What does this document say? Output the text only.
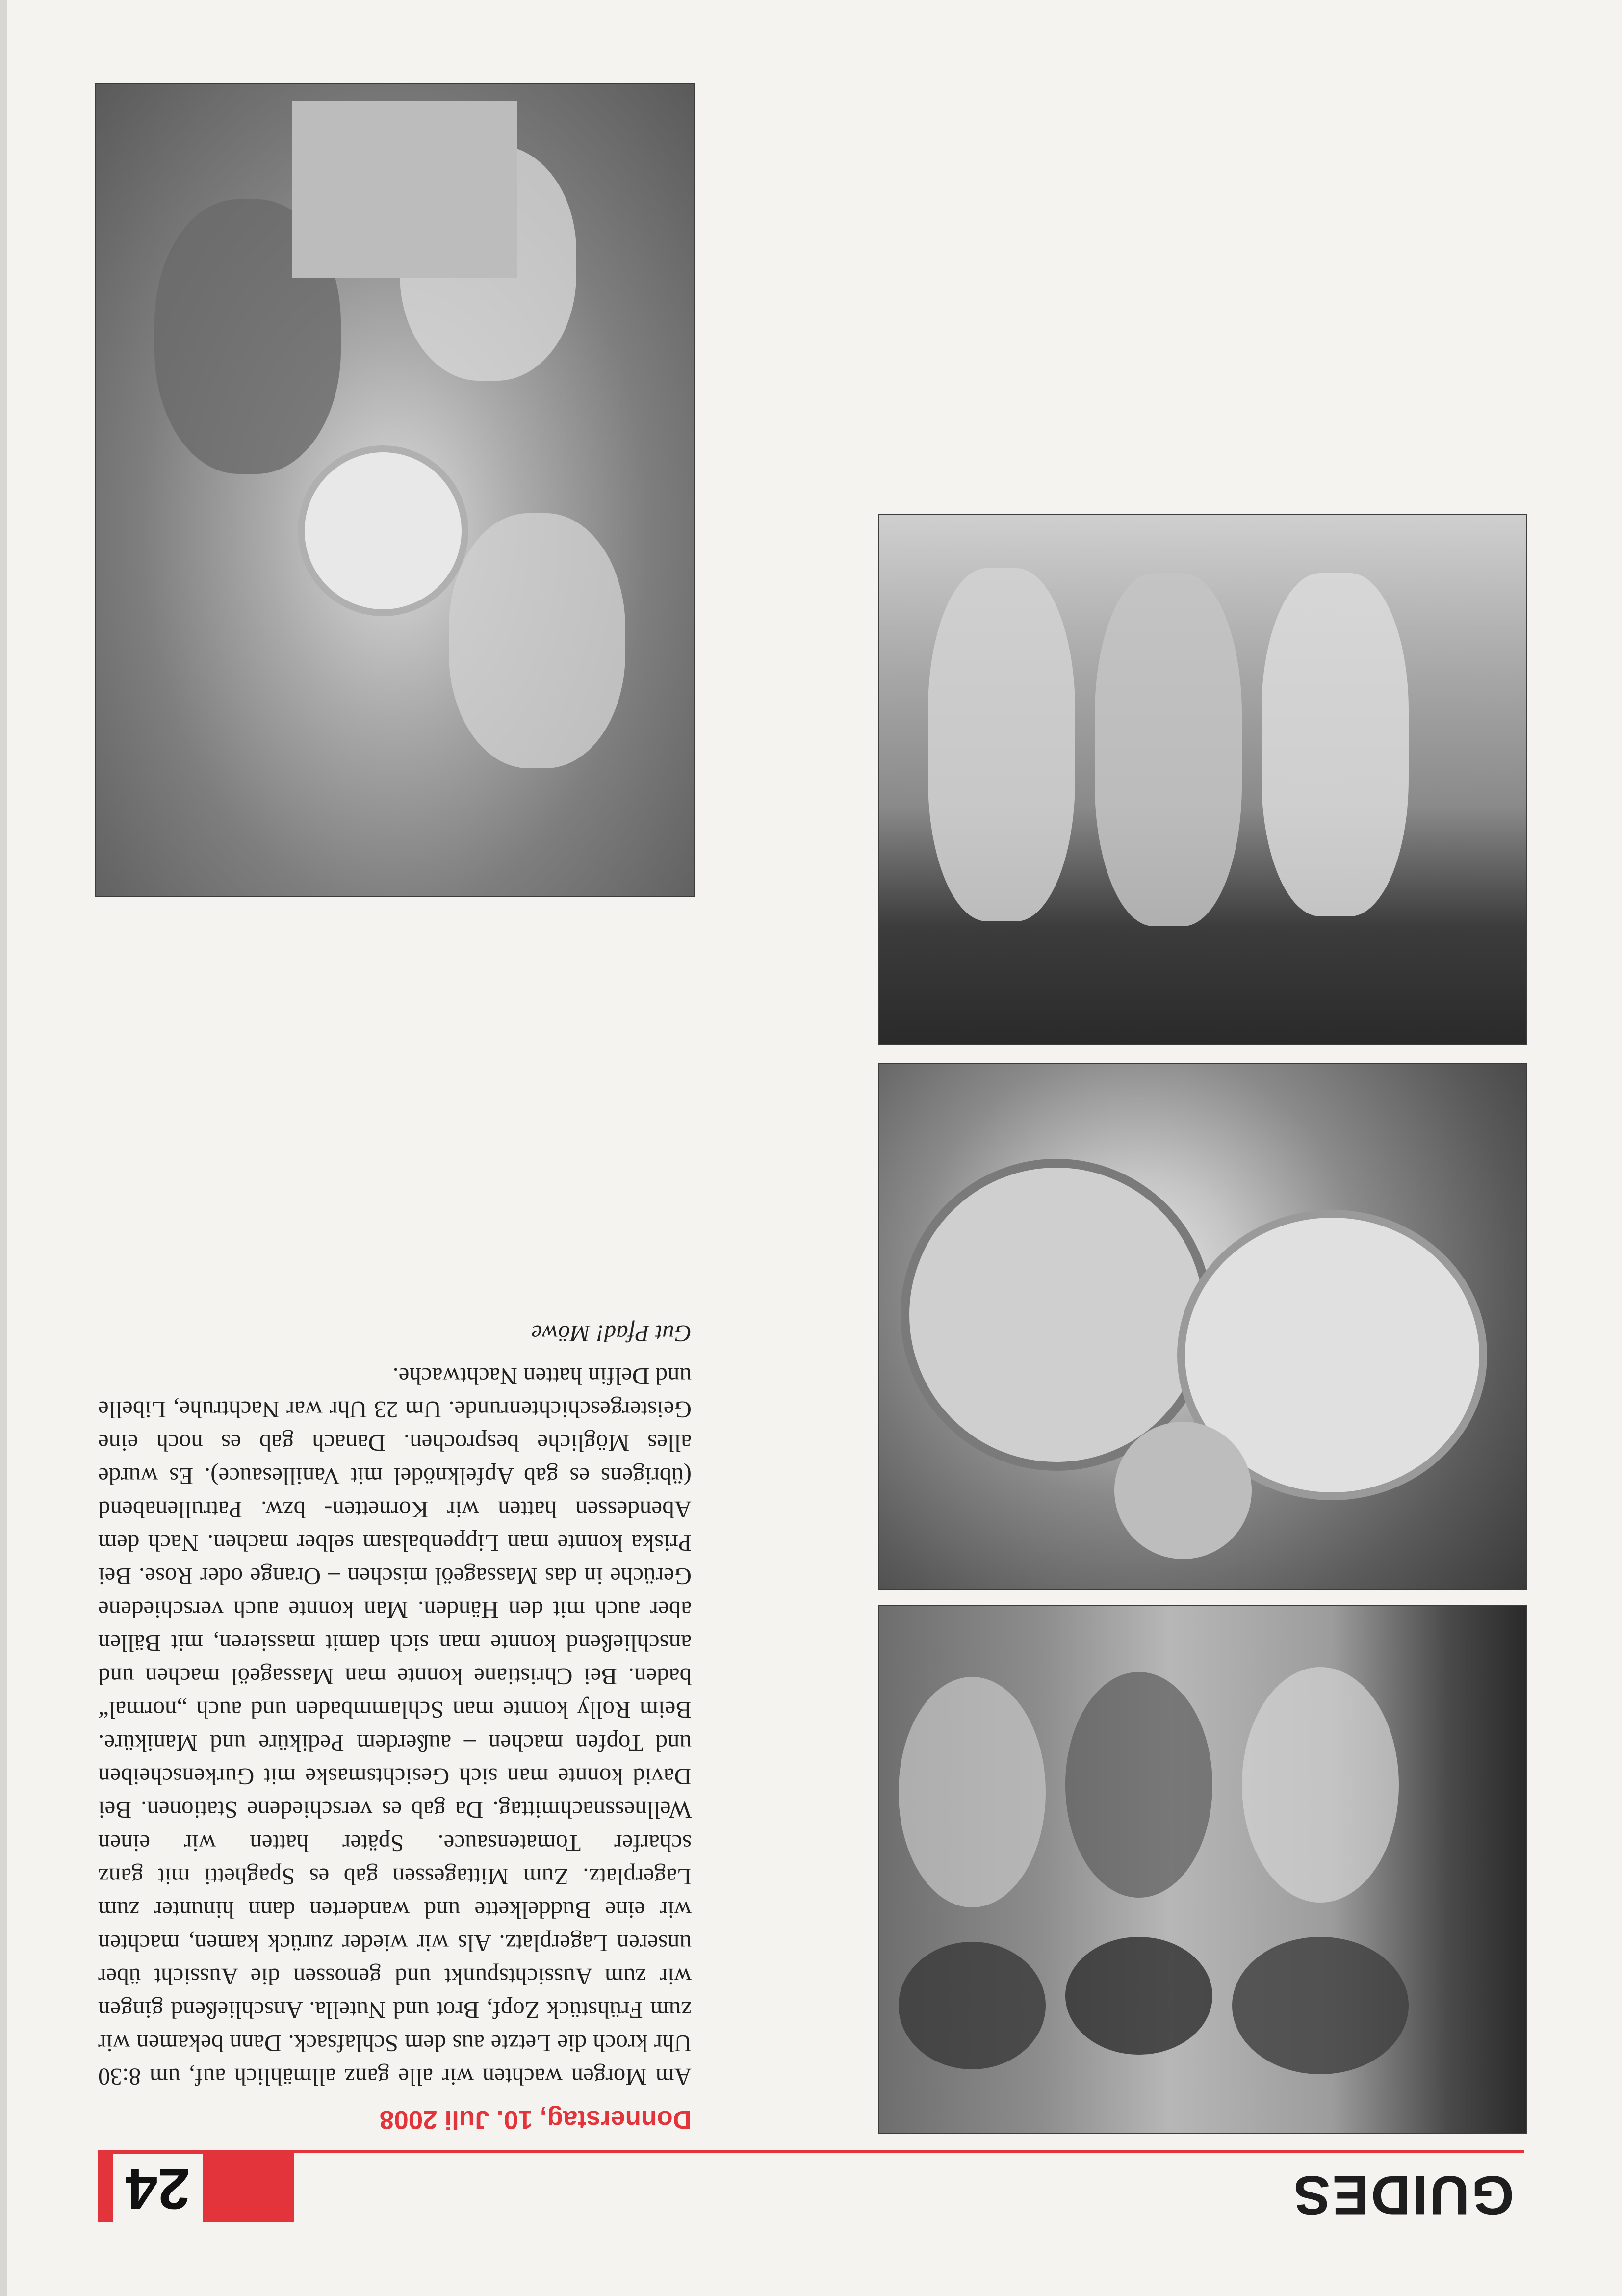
GUIDES
24
Donnerstag, 10. Juli 2008

Am Morgen wachten wir alle ganz allmählich auf, um 8:30 Uhr kroch die Letzte aus dem Schlafsack. Dann bekamen wir zum Frühstück Zopf, Brot und Nutella. Anschließend gingen wir zum Aussichtspunkt und genossen die Aussicht über unseren Lagerplatz. Als wir wieder zurück kamen, machten wir eine Buddelkette und wanderten dann hinunter zum Lagerplatz. Zum Mittagessen gab es Spaghetti mit ganz scharfer Tomatensauce. Später hatten wir einen Wellnessnachmittag. Da gab es verschiedene Stationen. Bei David konnte man sich Gesichtsmaske mit Gurkenscheiben und Topfen machen – außerdem Pediküre und Maniküre. Beim Rolly konnte man Schlammbaden und auch „normal“ baden. Bei Christiane konnte man Massageöl machen und anschließend konnte man sich damit massieren, mit Bällen aber auch mit den Händen. Man konnte auch verschiedene Gerüche in das Massageöl mischen – Orange oder Rose. Bei Priska konnte man Lippenbalsam selber machen. Nach dem Abendessen hatten wir Kornetten- bzw. Patrullenabend (übrigens es gab Apfelknödel mit Vanillesauce). Es wurde alles Mögliche besprochen. Danach gab es noch eine Geistergeschichtenrunde. Um 23 Uhr war Nachtruhe, Libelle und Delfin hatten Nachtwache.

Gut Pfad! Möwe
